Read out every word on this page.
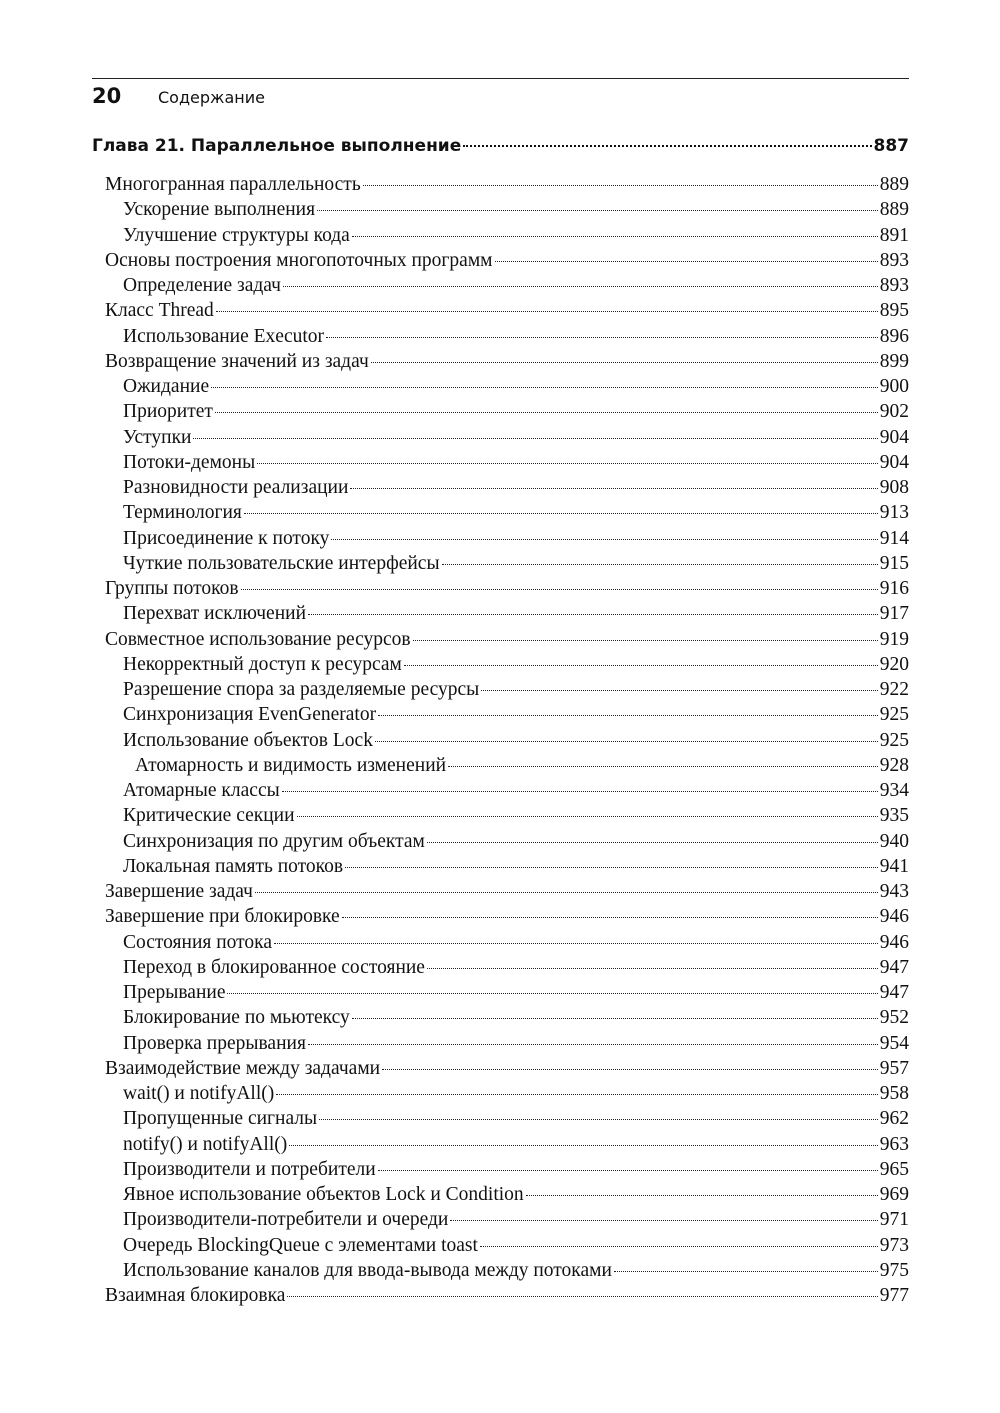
20	Содержание
Глава 21. Параллельное выполнение	887
Многогранная параллельность	889
Ускорение выполнения	889
Улучшение структуры кода	891
Основы построения многопоточных программ	893
Определение задач	893
Класс Thread	895
Использование Executor	896
Возвращение значений из задач	899
Ожидание	900
Приоритет	902
Уступки	904
Потоки-демоны	904
Разновидности реализации	908
Терминология	913
Присоединение к потоку	914
Чуткие пользовательские интерфейсы	915
Группы потоков	916
Перехват исключений	917
Совместное использование ресурсов	919
Некорректный доступ к ресурсам	920
Разрешение спора за разделяемые ресурсы	922
Синхронизация EvenGenerator	925
Использование объектов Lock	925
Атомарность и видимость изменений	928
Атомарные классы	934
Критические секции	935
Синхронизация по другим объектам	940
Локальная память потоков	941
Завершение задач	943
Завершение при блокировке	946
Состояния потока	946
Переход в блокированное состояние	947
Прерывание	947
Блокирование по мьютексу	952
Проверка прерывания	954
Взаимодействие между задачами	957
wait() и notifyAll()	958
Пропущенные сигналы	962
notify() и notifyAll()	963
Производители и потребители	965
Явное использование объектов Lock и Condition	969
Производители-потребители и очереди	971
Очередь BlockingQueue с элементами toast	973
Использование каналов для ввода-вывода между потоками	975
Взаимная блокировка	977
